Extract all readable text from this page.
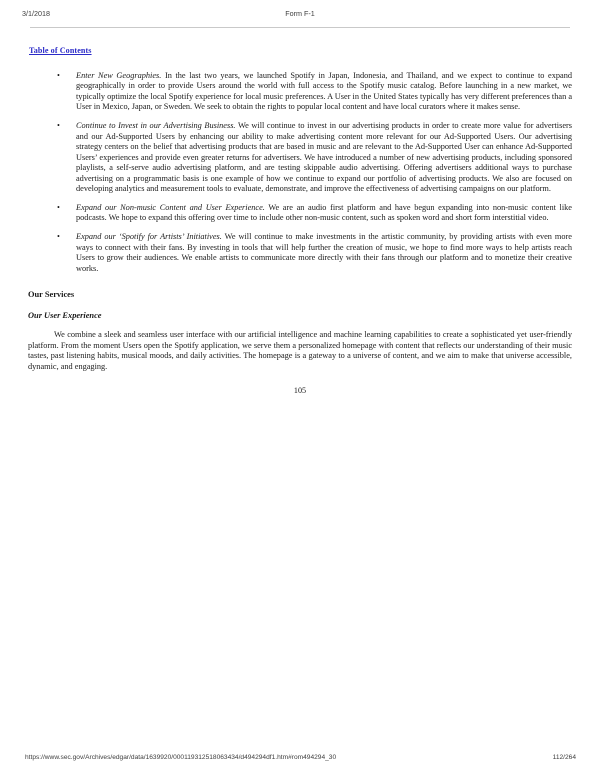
3/1/2018	Form F-1
Table of Contents
• Enter New Geographies. In the last two years, we launched Spotify in Japan, Indonesia, and Thailand, and we expect to continue to expand geographically in order to provide Users around the world with full access to the Spotify music catalog. Before launching in a new market, we typically optimize the local Spotify experience for local music preferences. A User in the United States typically has very different preferences than a User in Mexico, Japan, or Sweden. We seek to obtain the rights to popular local content and have local curators where it makes sense.

• Continue to Invest in our Advertising Business. We will continue to invest in our advertising products in order to create more value for advertisers and our Ad-Supported Users by enhancing our ability to make advertising content more relevant for our Ad-Supported Users. Our advertising strategy centers on the belief that advertising products that are based in music and are relevant to the Ad-Supported User can enhance Ad-Supported Users’ experiences and provide even greater returns for advertisers. We have introduced a number of new advertising products, including sponsored playlists, a self-serve audio advertising platform, and are testing skippable audio advertising. Offering advertisers additional ways to purchase advertising on a programmatic basis is one example of how we continue to expand our portfolio of advertising products. We also are focused on developing analytics and measurement tools to evaluate, demonstrate, and improve the effectiveness of advertising campaigns on our platform.

• Expand our Non-music Content and User Experience. We are an audio first platform and have begun expanding into non-music content like podcasts. We hope to expand this offering over time to include other non-music content, such as spoken word and short form interstitial video.

• Expand our ‘Spotify for Artists’ Initiatives. We will continue to make investments in the artistic community, by providing artists with even more ways to connect with their fans. By investing in tools that will help further the creation of music, we hope to find more ways to help artists reach Users to grow their audiences. We enable artists to communicate more directly with their fans through our platform and to monetize their creative works.

Our Services
Our User Experience

We combine a sleek and seamless user interface with our artificial intelligence and machine learning capabilities to create a sophisticated yet user-friendly platform. From the moment Users open the Spotify application, we serve them a personalized homepage with content that reflects our understanding of their music tastes, past listening habits, musical moods, and daily activities. The homepage is a gateway to a universe of content, and we aim to make that universe accessible, dynamic, and engaging.

105
https://www.sec.gov/Archives/edgar/data/1639920/000119312518063434/d494294df1.htm#rom494294_30	112/264
